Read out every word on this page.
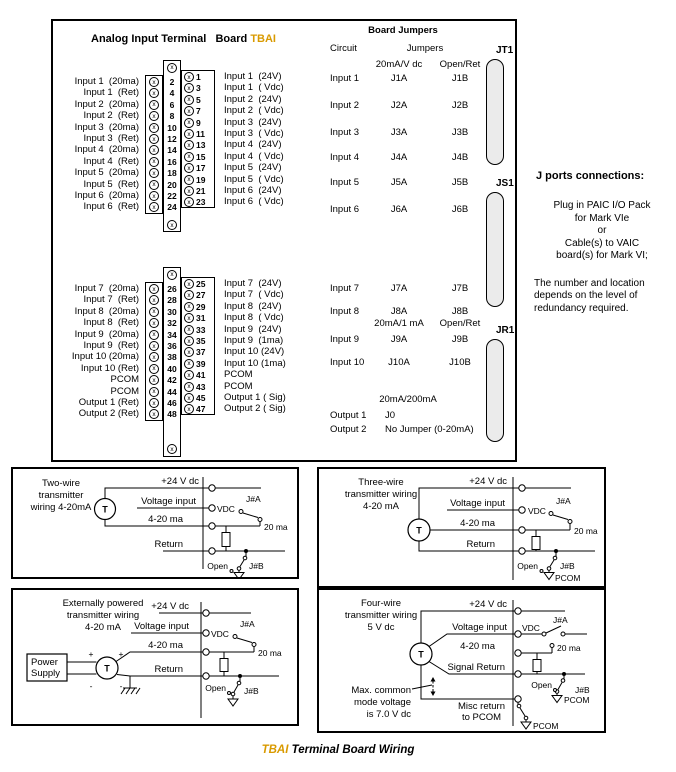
Analog Input Terminal   Board TBAI
JT1
JS1
JR1
x
x
Input 1  (20ma)	x	2	x 1	Input 1  (24V)
Input 1  (Ret)	x	4	x 3	Input 1  ( Vdc)
Input 2  (20ma)	x	6	x 5	Input 2  (24V)
Input 2  (Ret)	x	8	x 7	Input 2  ( Vdc)
Input 3  (20ma)	x	10	x 9	Input 3  (24V)
Input 3  (Ret)	x	12	x 11	Input 3  ( Vdc)
Input 4  (20ma)	x	14	x 13	Input 4  (24V)
Input 4  (Ret)	x	16	x 15	Input 4  ( Vdc)
Input 5  (20ma)	x	18	x 17	Input 5  (24V)
Input 5  (Ret)	x	20	x 19	Input 5  ( Vdc)
Input 6  (20ma)	x	22	x 21	Input 6  (24V)
Input 6  (Ret)	x	24	x 23	Input 6  ( Vdc)
x
x
Input 7  (20ma)	x	26	x 25	Input 7  (24V)
Input 7  (Ret)	x	28	x 27	Input 7  ( Vdc)
Input 8  (20ma)	x	30	x 29	Input 8  (24V)
Input 8  (Ret)	x	32	x 31	Input 8  ( Vdc)
Input 9  (20ma)	x	34	x 33	Input 9  (24V)
Input 9  (Ret)	x	36	x 35	Input 9  (1ma)
Input 10 (20ma)	x	38	x 37	Input 10 (24V)
Input 10 (Ret)	x	40	x 39	Input 10 (1ma)
PCOM	x	42	x 41	PCOM
PCOM	x	44	x 43	PCOM
Output 1 (Ret)	x	46	x 45	Output 1 ( Sig)
Output 2 (Ret)	x	48	x 47	Output 2 ( Sig)
Board Jumpers
Circuit	Jumpers
20mA/V dc	Open/Ret
Input 1	J1A	J1B
Input 2	J2A	J2B
Input 3	J3A	J3B
Input 4	J4A	J4B
Input 5	J5A	J5B
Input 6	J6A	J6B
Input 7	J7A	J7B
Input 8	J8A	J8B
Input 9	J9A	J9B
Input 10	J10A	J10B
20mA/1 mA	Open/Ret
20mA/200mA
Output 1	J0
Output 2	No Jumper (0-20mA)
J ports connections:
Plug in PAIC I/O Pack
for Mark VIe
or
Cable(s) to VAIC
board(s) for Mark VI;
The number and location
depends on the level of
redundancy required.
Two-wire
transmitter
wiring 4-20mA T
+24 V dc
Voltage input
VDC
J#A
20 ma
4-20 ma
Return
Open J#B
Three-wire
transmitter wiring
4-20 mA
T
+24 V dc
Voltage input
VDC
J#A
20 ma
4-20 ma
Return
Open	J#B
PCOM
Externally powered
transmitter wiring
4-20 mA
Power
Supply	T
+	+
-	-
+24 V dc
Voltage input
VDC
J#A
20 ma
4-20 ma
Return
Open J#B
Four-wire
transmitter wiring
5 V dc
T
+24 V dc
Voltage input VDC
J#A
4-20 ma	20 ma
Signal Return
Open	J#B
PCOM
Misc return
to PCOM
PCOM
Max. common
mode voltage
is 7.0 V dc
TBAI Terminal Board Wiring
